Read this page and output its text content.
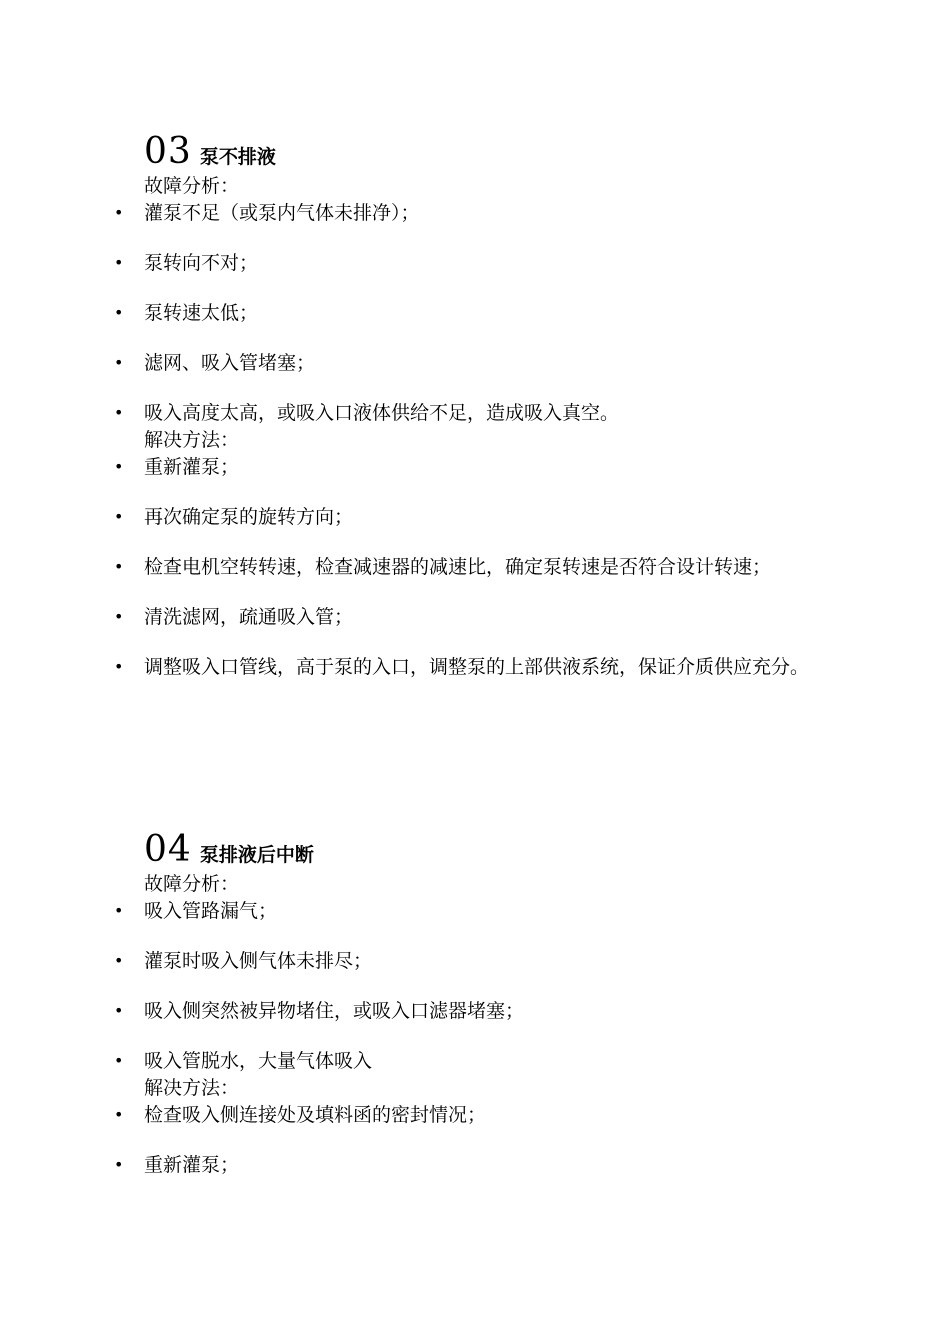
03 泵不排液
故障分析：
• 灌泵不足（或泵内气体未排净）；
• 泵转向不对；
• 泵转速太低；
• 滤网、吸入管堵塞；
• 吸入高度太高，或吸入口液体供给不足，造成吸入真空。
解决方法：
• 重新灌泵；
• 再次确定泵的旋转方向；
• 检查电机空转转速，检查减速器的减速比，确定泵转速是否符合设计转速；
• 清洗滤网，疏通吸入管；
• 调整吸入口管线，高于泵的入口，调整泵的上部供液系统，保证介质供应充分。
04 泵排液后中断
故障分析：
• 吸入管路漏气；
• 灌泵时吸入侧气体未排尽；
• 吸入侧突然被异物堵住，或吸入口滤器堵塞；
• 吸入管脱水，大量气体吸入
解决方法：
• 检查吸入侧连接处及填料函的密封情况；
• 重新灌泵；
